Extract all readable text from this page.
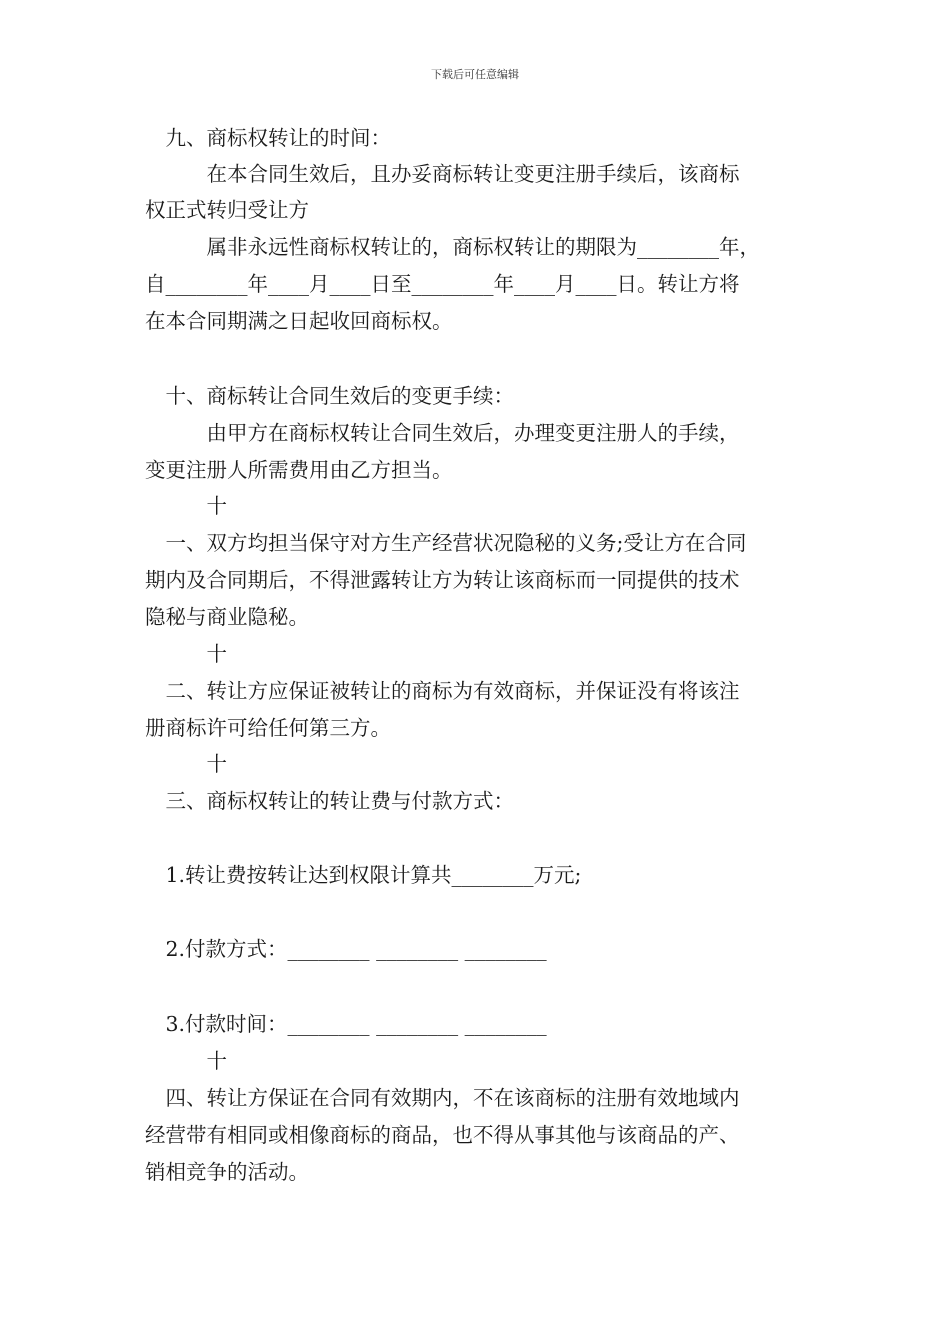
下载后可任意编辑
　九、商标权转让的时间：
　　　在本合同生效后，且办妥商标转让变更注册手续后，该商标
权正式转归受让方
　　　属非永远性商标权转让的，商标权转让的期限为________年，
自________年____月____日至________年____月____日。转让方将
在本合同期满之日起收回商标权。
　十、商标转让合同生效后的变更手续：
　　　由甲方在商标权转让合同生效后，办理变更注册人的手续，
变更注册人所需费用由乙方担当。
　　　十
　一、双方均担当保守对方生产经营状况隐秘的义务;受让方在合同
期内及合同期后，不得泄露转让方为转让该商标而一同提供的技术
隐秘与商业隐秘。
　　　十
　二、转让方应保证被转让的商标为有效商标，并保证没有将该注
册商标许可给任何第三方。
　　　十
　三、商标权转让的转让费与付款方式：
　1.转让费按转让达到权限计算共________万元;
　2.付款方式：________ ________ ________
　3.付款时间：________ ________ ________
　　　十
　四、转让方保证在合同有效期内，不在该商标的注册有效地域内
经营带有相同或相像商标的商品，也不得从事其他与该商品的产、
销相竞争的活动。
